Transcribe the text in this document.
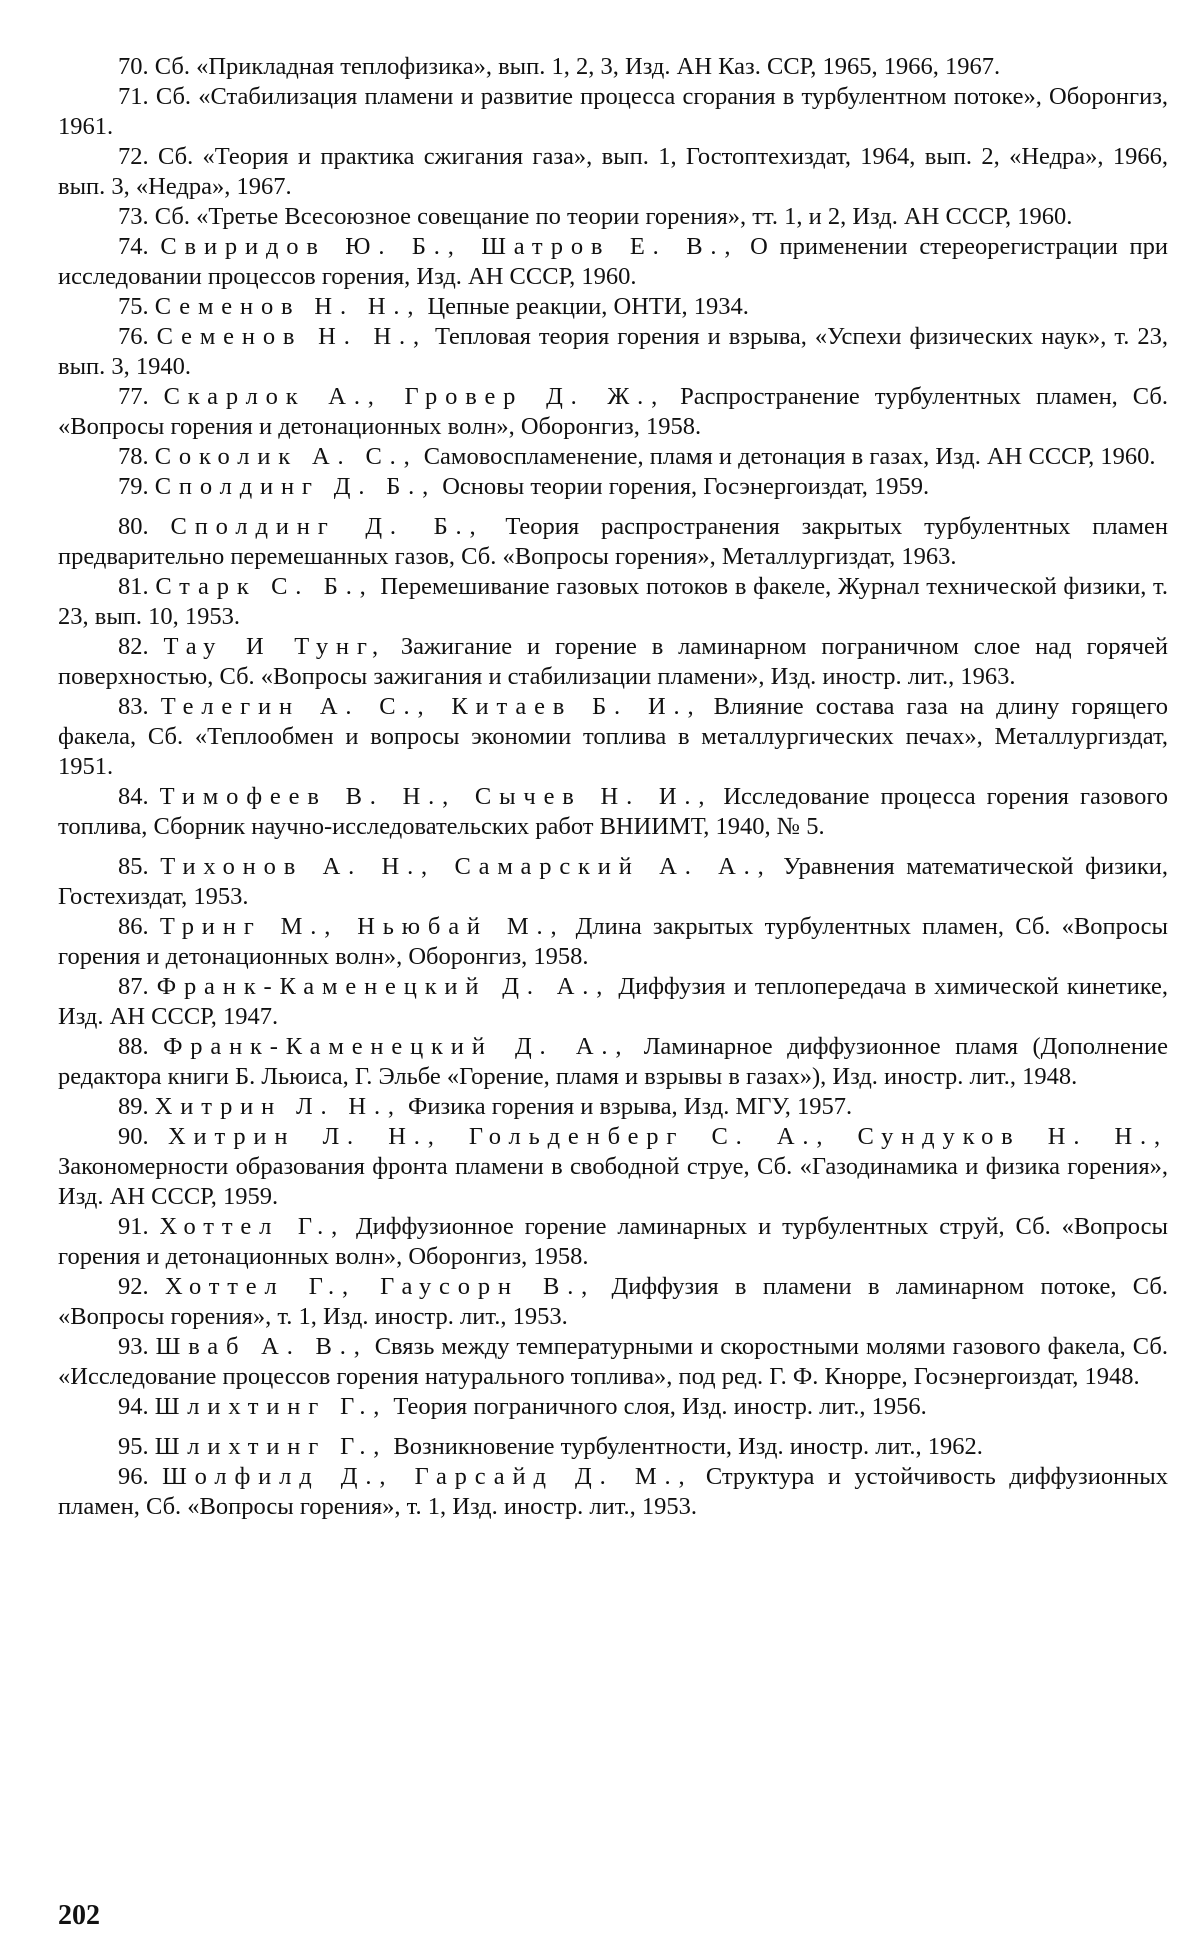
70. Сб. «Прикладная теплофизика», вып. 1, 2, 3, Изд. АН Каз. ССР, 1965, 1966, 1967.

71. Сб. «Стабилизация пламени и развитие процесса сгорания в турбулентном потоке», Оборонгиз, 1961.

72. Сб. «Теория и практика сжигания газа», вып. 1, Гостоптехиздат, 1964, вып. 2, «Недра», 1966, вып. 3, «Недра», 1967.

73. Сб. «Третье Всесоюзное совещание по теории горения», тт. 1, и 2, Изд. АН СССР, 1960.

74. Свиридов Ю. Б., Шатров Е. В., О применении стереорегистрации при исследовании процессов горения, Изд. АН СССР, 1960.

75. Семенов Н. Н., Цепные реакции, ОНТИ, 1934.

76. Семенов Н. Н., Тепловая теория горения и взрыва, «Успехи физических наук», т. 23, вып. 3, 1940.

77. Скарлок А., Гровер Д. Ж., Распространение турбулентных пламен, Сб. «Вопросы горения и детонационных волн», Оборонгиз, 1958.

78. Соколик А. С., Самовоспламенение, пламя и детонация в газах, Изд. АН СССР, 1960.

79. Сполдинг Д. Б., Основы теории горения, Госэнергоиздат, 1959.

80. Сполдинг Д. Б., Теория распространения закрытых турбулентных пламен предварительно перемешанных газов, Сб. «Вопросы горения», Металлургиздат, 1963.

81. Старк С. Б., Перемешивание газовых потоков в факеле, Журнал технической физики, т. 23, вып. 10, 1953.

82. Тау И Тунг, Зажигание и горение в ламинарном пограничном слое над горячей поверхностью, Сб. «Вопросы зажигания и стабилизации пламени», Изд. иностр. лит., 1963.

83. Телегин А. С., Китаев Б. И., Влияние состава газа на длину горящего факела, Сб. «Теплообмен и вопросы экономии топлива в металлургических печах», Металлургиздат, 1951.

84. Тимофеев В. Н., Сычев Н. И., Исследование процесса горения газового топлива, Сборник научно-исследовательских работ ВНИИМТ, 1940, № 5.

85. Тихонов А. Н., Самарский А. А., Уравнения математической физики, Гостехиздат, 1953.

86. Тринг М., Ньюбай М., Длина закрытых турбулентных пламен, Сб. «Вопросы горения и детонационных волн», Оборонгиз, 1958.

87. Франк-Каменецкий Д. А., Диффузия и теплопередача в химической кинетике, Изд. АН СССР, 1947.

88. Франк-Каменецкий Д. А., Ламинарное диффузионное пламя (Дополнение редактора книги Б. Льюиса, Г. Эльбе «Горение, пламя и взрывы в газах»), Изд. иностр. лит., 1948.

89. Хитрин Л. Н., Физика горения и взрыва, Изд. МГУ, 1957.

90. Хитрин Л. Н., Гольденберг С. А., Сундуков Н. Н., Закономерности образования фронта пламени в свободной струе, Сб. «Газодинамика и физика горения», Изд. АН СССР, 1959.

91. Хоттел Г., Диффузионное горение ламинарных и турбулентных струй, Сб. «Вопросы горения и детонационных волн», Оборонгиз, 1958.

92. Хоттел Г., Гаусорн В., Диффузия в пламени в ламинарном потоке, Сб. «Вопросы горения», т. 1, Изд. иностр. лит., 1953.

93. Шваб А. В., Связь между температурными и скоростными молями газового факела, Сб. «Исследование процессов горения натурального топлива», под ред. Г. Ф. Кнорре, Госэнергоиздат, 1948.

94. Шлихтинг Г., Теория пограничного слоя, Изд. иностр. лит., 1956.

95. Шлихтинг Г., Возникновение турбулентности, Изд. иностр. лит., 1962.

96. Шолфилд Д., Гарсайд Д. М., Структура и устойчивость диффузионных пламен, Сб. «Вопросы горения», т. 1, Изд. иностр. лит., 1953.

202
